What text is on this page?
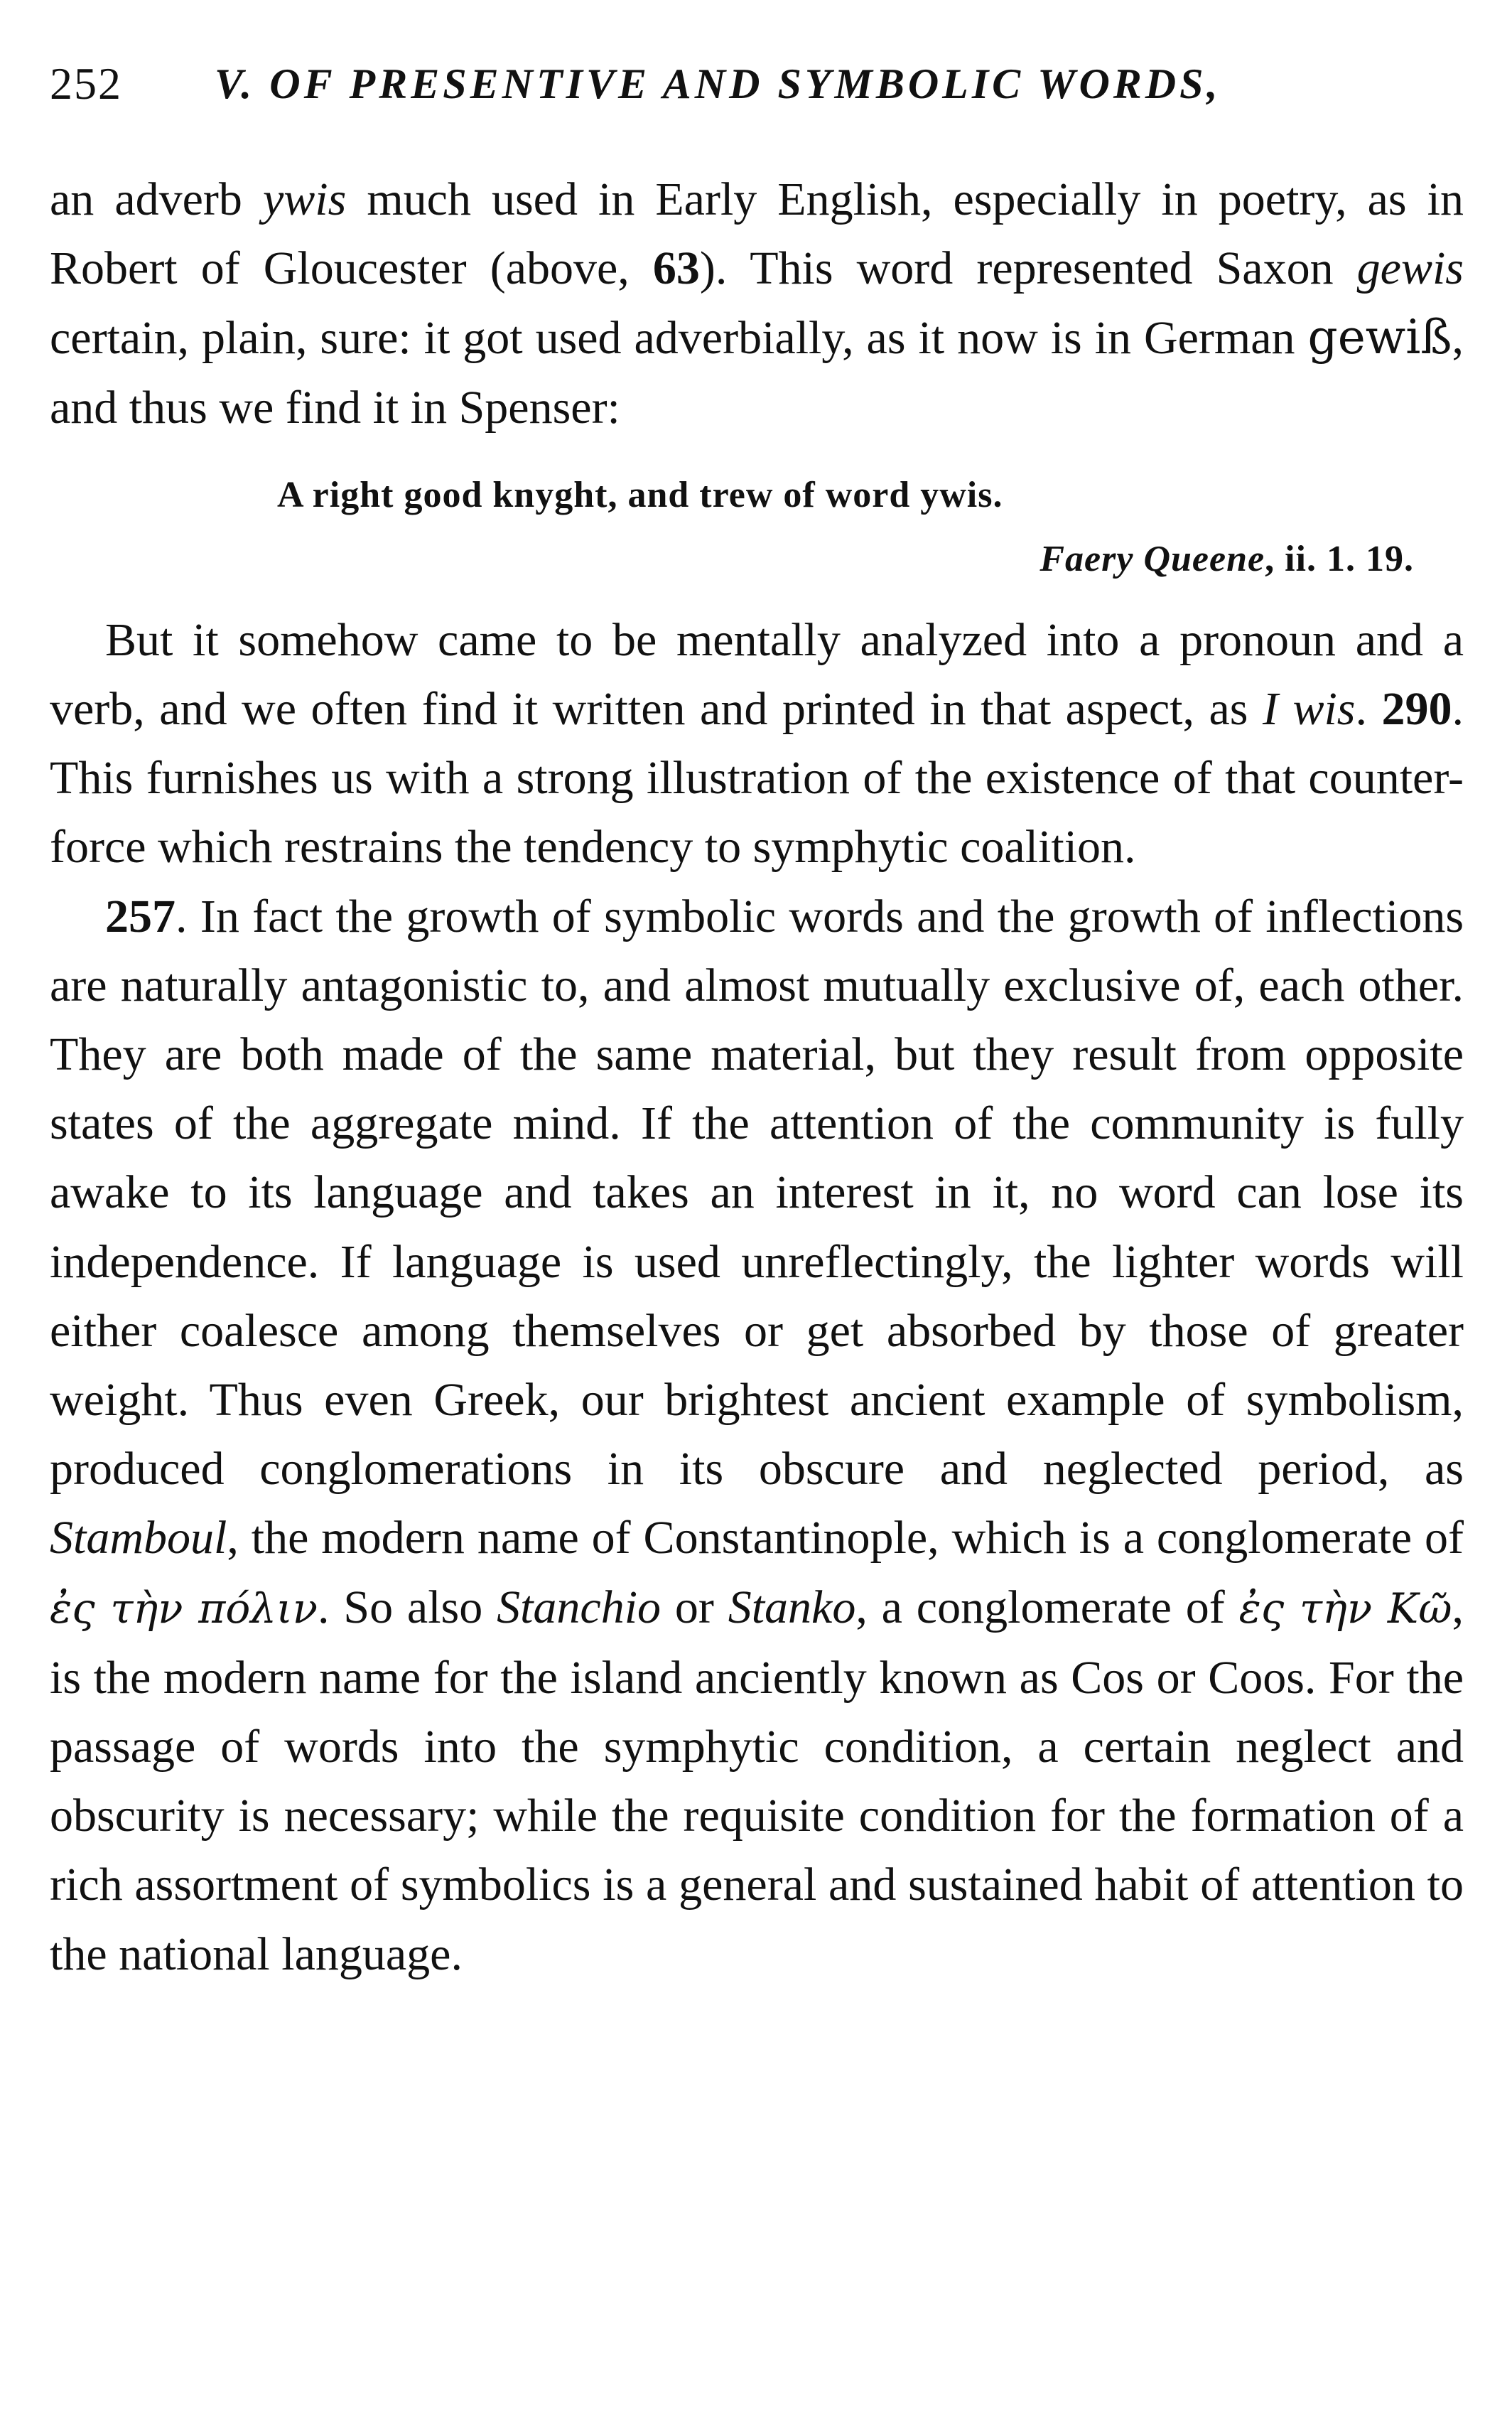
252 V. OF PRESENTIVE AND SYMBOLIC WORDS,

an adverb ywis much used in Early English, especially in poetry, as in Robert of Gloucester (above, 63). This word represented Saxon gewis certain, plain, sure: it got used adverbially, as it now is in German gewiß, and thus we find it in Spenser:

A right good knyght, and trew of word ywis.
Faery Queene, ii. 1. 19.

But it somehow came to be mentally analyzed into a pronoun and a verb, and we often find it written and printed in that aspect, as I wis. 290. This furnishes us with a strong illustration of the existence of that counter-force which restrains the tendency to symphytic coalition.

257. In fact the growth of symbolic words and the growth of inflections are naturally antagonistic to, and almost mutually exclusive of, each other. They are both made of the same material, but they result from opposite states of the aggregate mind. If the attention of the community is fully awake to its language and takes an interest in it, no word can lose its independence. If language is used unreflectingly, the lighter words will either coalesce among themselves or get absorbed by those of greater weight. Thus even Greek, our brightest ancient example of symbolism, produced conglomerations in its obscure and neglected period, as Stamboul, the modern name of Constantinople, which is a conglomerate of ἐς τὴν πόλιν. So also Stanchio or Stanko, a conglomerate of ἐς τὴν Κῶ, is the modern name for the island anciently known as Cos or Coos. For the passage of words into the symphytic condition, a certain neglect and obscurity is necessary; while the requisite condition for the formation of a rich assortment of symbolics is a general and sustained habit of attention to the national language.
